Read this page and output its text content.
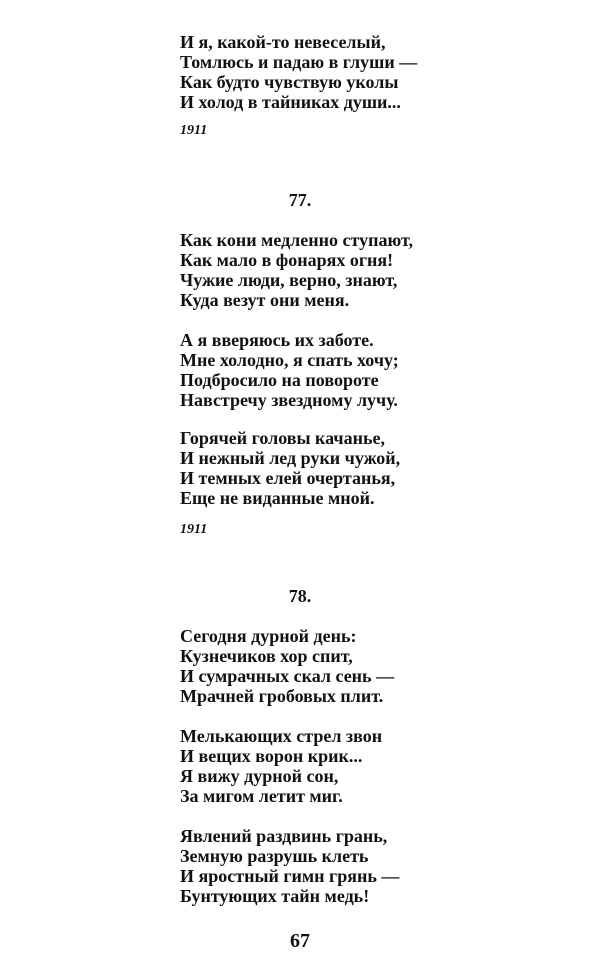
И я, какой-то невеселый,
Томлюсь и падаю в глуши —
Как будто чувствую уколы
И холод в тайниках души...
1911
77.
Как кони медленно ступают,
Как мало в фонарях огня!
Чужие люди, верно, знают,
Куда везут они меня.
А я вверяюсь их заботе.
Мне холодно, я спать хочу;
Подбросило на повороте
Навстречу звездному лучу.
Горячей головы качанье,
И нежный лед руки чужой,
И темных елей очертанья,
Еще не виданные мной.
1911
78.
Сегодня дурной день:
Кузнечиков хор спит,
И сумрачных скал сень —
Мрачней гробовых плит.
Мелькающих стрел звон
И вещих ворон крик...
Я вижу дурной сон,
За мигом летит миг.
Явлений раздвинь грань,
Земную разрушь клеть
И яростный гимн грянь —
Бунтующих тайн медь!
67
